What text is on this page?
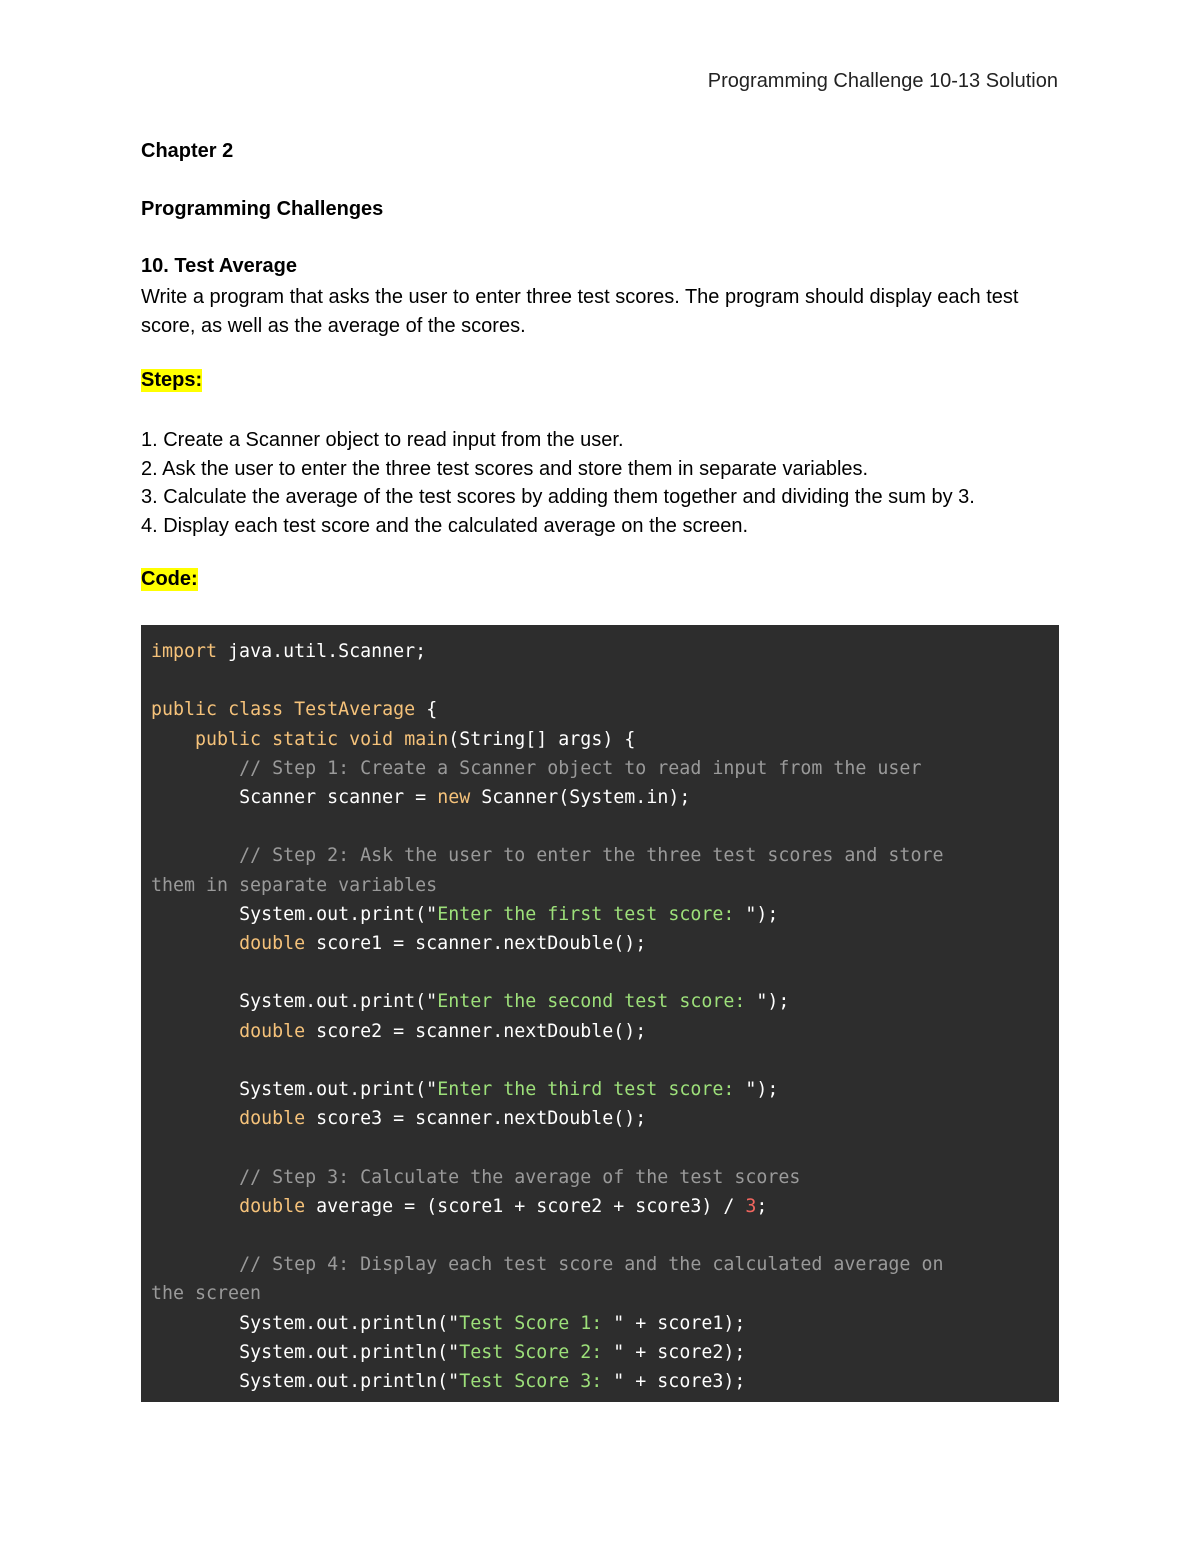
Programming Challenge 10-13 Solution

Chapter 2

Programming Challenges

10. Test Average

Write a program that asks the user to enter three test scores. The program should display each test score, as well as the average of the scores.
Steps:
1. Create a Scanner object to read input from the user.
2. Ask the user to enter the three test scores and store them in separate variables.
3. Calculate the average of the test scores by adding them together and dividing the sum by 3.
4. Display each test score and the calculated average on the screen.
Code:
import java.util.Scanner;

public class TestAverage {
public static void main(String[] args) {
// Step 1: Create a Scanner object to read input from the user
Scanner scanner = new Scanner(System.in);

// Step 2: Ask the user to enter the three test scores and store
them in separate variables
System.out.print("Enter the first test score: ");
double score1 = scanner.nextDouble();

System.out.print("Enter the second test score: ");
double score2 = scanner.nextDouble();

System.out.print("Enter the third test score: ");
double score3 = scanner.nextDouble();

// Step 3: Calculate the average of the test scores
double average = (score1 + score2 + score3) / 3;

// Step 4: Display each test score and the calculated average on
the screen
System.out.println("Test Score 1: " + score1);
System.out.println("Test Score 2: " + score2);
System.out.println("Test Score 3: " + score3);
